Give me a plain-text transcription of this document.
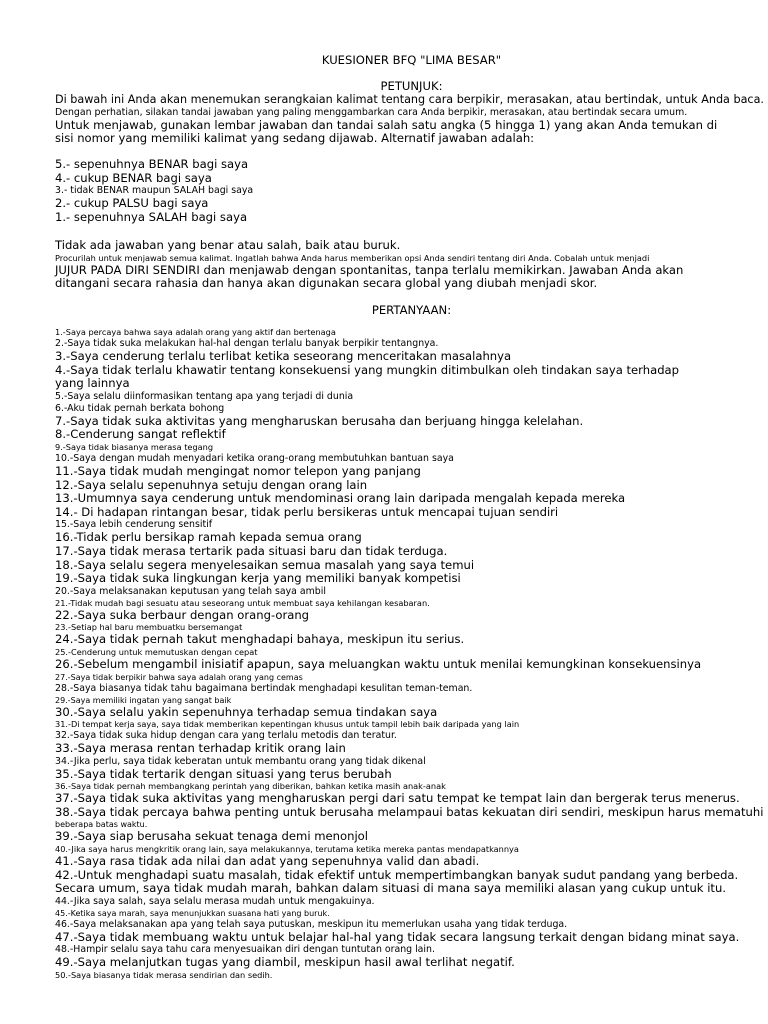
KUESIONER BFQ "LIMA BESAR"
PETUNJUK:
Di bawah ini Anda akan menemukan serangkaian kalimat tentang cara berpikir, merasakan, atau bertindak, untuk Anda baca.
Dengan perhatian, silakan tandai jawaban yang paling menggambarkan cara Anda berpikir, merasakan, atau bertindak secara umum.
Untuk menjawab, gunakan lembar jawaban dan tandai salah satu angka (5 hingga 1) yang akan Anda temukan di
sisi nomor yang memiliki kalimat yang sedang dijawab. Alternatif jawaban adalah:
5.- sepenuhnya BENAR bagi saya
4.- cukup BENAR bagi saya
3.- tidak BENAR maupun SALAH bagi saya
2.- cukup PALSU bagi saya
1.- sepenuhnya SALAH bagi saya
Tidak ada jawaban yang benar atau salah, baik atau buruk.
Procurilah untuk menjawab semua kalimat. Ingatlah bahwa Anda harus memberikan opsi Anda sendiri tentang diri Anda. Cobalah untuk menjadi
JUJUR PADA DIRI SENDIRI dan menjawab dengan spontanitas, tanpa terlalu memikirkan. Jawaban Anda akan
ditangani secara rahasia dan hanya akan digunakan secara global yang diubah menjadi skor.
PERTANYAAN:
1.-Saya percaya bahwa saya adalah orang yang aktif dan bertenaga
2.-Saya tidak suka melakukan hal-hal dengan terlalu banyak berpikir tentangnya.
3.-Saya cenderung terlalu terlibat ketika seseorang menceritakan masalahnya
4.-Saya tidak terlalu khawatir tentang konsekuensi yang mungkin ditimbulkan oleh tindakan saya terhadap
yang lainnya
5.-Saya selalu diinformasikan tentang apa yang terjadi di dunia
6.-Aku tidak pernah berkata bohong
7.-Saya tidak suka aktivitas yang mengharuskan berusaha dan berjuang hingga kelelahan.
8.-Cenderung sangat reflektif
9.-Saya tidak biasanya merasa tegang
10.-Saya dengan mudah menyadari ketika orang-orang membutuhkan bantuan saya
11.-Saya tidak mudah mengingat nomor telepon yang panjang
12.-Saya selalu sepenuhnya setuju dengan orang lain
13.-Umumnya saya cenderung untuk mendominasi orang lain daripada mengalah kepada mereka
14.- Di hadapan rintangan besar, tidak perlu bersikeras untuk mencapai tujuan sendiri
15.-Saya lebih cenderung sensitif
16.-Tidak perlu bersikap ramah kepada semua orang
17.-Saya tidak merasa tertarik pada situasi baru dan tidak terduga.
18.-Saya selalu segera menyelesaikan semua masalah yang saya temui
19.-Saya tidak suka lingkungan kerja yang memiliki banyak kompetisi
20.-Saya melaksanakan keputusan yang telah saya ambil
21.-Tidak mudah bagi sesuatu atau seseorang untuk membuat saya kehilangan kesabaran.
22.-Saya suka berbaur dengan orang-orang
23.-Setiap hal baru membuatku bersemangat
24.-Saya tidak pernah takut menghadapi bahaya, meskipun itu serius.
25.-Cenderung untuk memutuskan dengan cepat
26.-Sebelum mengambil inisiatif apapun, saya meluangkan waktu untuk menilai kemungkinan konsekuensinya
27.-Saya tidak berpikir bahwa saya adalah orang yang cemas
28.-Saya biasanya tidak tahu bagaimana bertindak menghadapi kesulitan teman-teman.
29.-Saya memiliki ingatan yang sangat baik
30.-Saya selalu yakin sepenuhnya terhadap semua tindakan saya
31.-Di tempat kerja saya, saya tidak memberikan kepentingan khusus untuk tampil lebih baik daripada yang lain
32.-Saya tidak suka hidup dengan cara yang terlalu metodis dan teratur.
33.-Saya merasa rentan terhadap kritik orang lain
34.-Jika perlu, saya tidak keberatan untuk membantu orang yang tidak dikenal
35.-Saya tidak tertarik dengan situasi yang terus berubah
36.-Saya tidak pernah membangkang perintah yang diberikan, bahkan ketika masih anak-anak
37.-Saya tidak suka aktivitas yang mengharuskan pergi dari satu tempat ke tempat lain dan bergerak terus menerus.
38.-Saya tidak percaya bahwa penting untuk berusaha melampaui batas kekuatan diri sendiri, meskipun harus mematuhi
beberapa batas waktu.
39.-Saya siap berusaha sekuat tenaga demi menonjol
40.-Jika saya harus mengkritik orang lain, saya melakukannya, terutama ketika mereka pantas mendapatkannya
41.-Saya rasa tidak ada nilai dan adat yang sepenuhnya valid dan abadi.
42.-Untuk menghadapi suatu masalah, tidak efektif untuk mempertimbangkan banyak sudut pandang yang berbeda.
Secara umum, saya tidak mudah marah, bahkan dalam situasi di mana saya memiliki alasan yang cukup untuk itu.
44.-Jika saya salah, saya selalu merasa mudah untuk mengakuinya.
45.-Ketika saya marah, saya menunjukkan suasana hati yang buruk.
46.-Saya melaksanakan apa yang telah saya putuskan, meskipun itu memerlukan usaha yang tidak terduga.
47.-Saya tidak membuang waktu untuk belajar hal-hal yang tidak secara langsung terkait dengan bidang minat saya.
48.-Hampir selalu saya tahu cara menyesuaikan diri dengan tuntutan orang lain.
49.-Saya melanjutkan tugas yang diambil, meskipun hasil awal terlihat negatif.
50.-Saya biasanya tidak merasa sendirian dan sedih.
